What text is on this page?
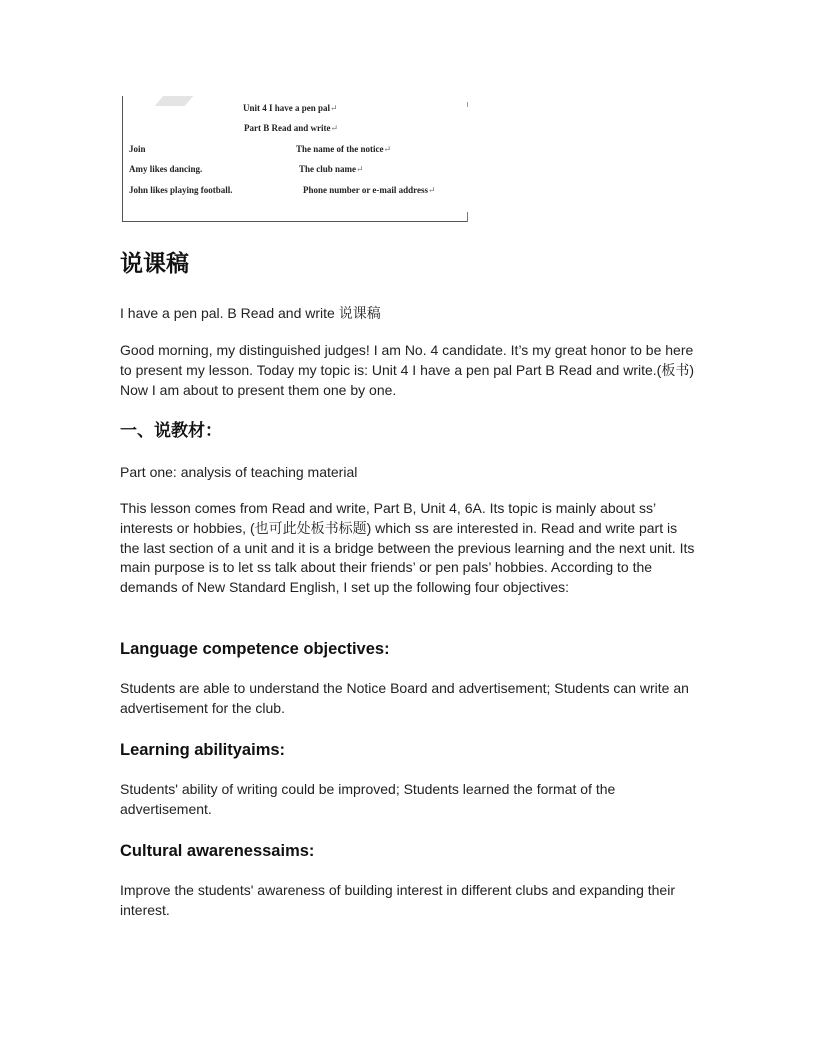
Unit 4 I have a pen pal↵
Part B Read and write↵
Join	The name of the notice↵
Amy likes dancing.	The club name↵
John likes playing football.	Phone number or e-mail address↵
说课稿

I have a pen pal. B Read and write 说课稿

Good morning, my distinguished judges! I am No. 4 candidate. It’s my great honor to be here to present my lesson. Today my topic is: Unit 4 I have a pen pal Part B Read and write.(板书) Now I am about to present them one by one.

一、说教材：

Part one: analysis of teaching material

This lesson comes from Read and write, Part B, Unit 4, 6A. Its topic is mainly about ss’ interests or hobbies, (也可此处板书标题) which ss are interested in. Read and write part is the last section of a unit and it is a bridge between the previous learning and the next unit. Its main purpose is to let ss talk about their friends’ or pen pals’ hobbies. According to the demands of New Standard English, I set up the following four objectives:

Language competence objectives:

Students are able to understand the Notice Board and advertisement; Students can write an advertisement for the club.

Learning abilityaims:

Students' ability of writing could be improved; Students learned the format of the advertisement.

Cultural awarenessaims:

Improve the students' awareness of building interest in different clubs and expanding their interest.
